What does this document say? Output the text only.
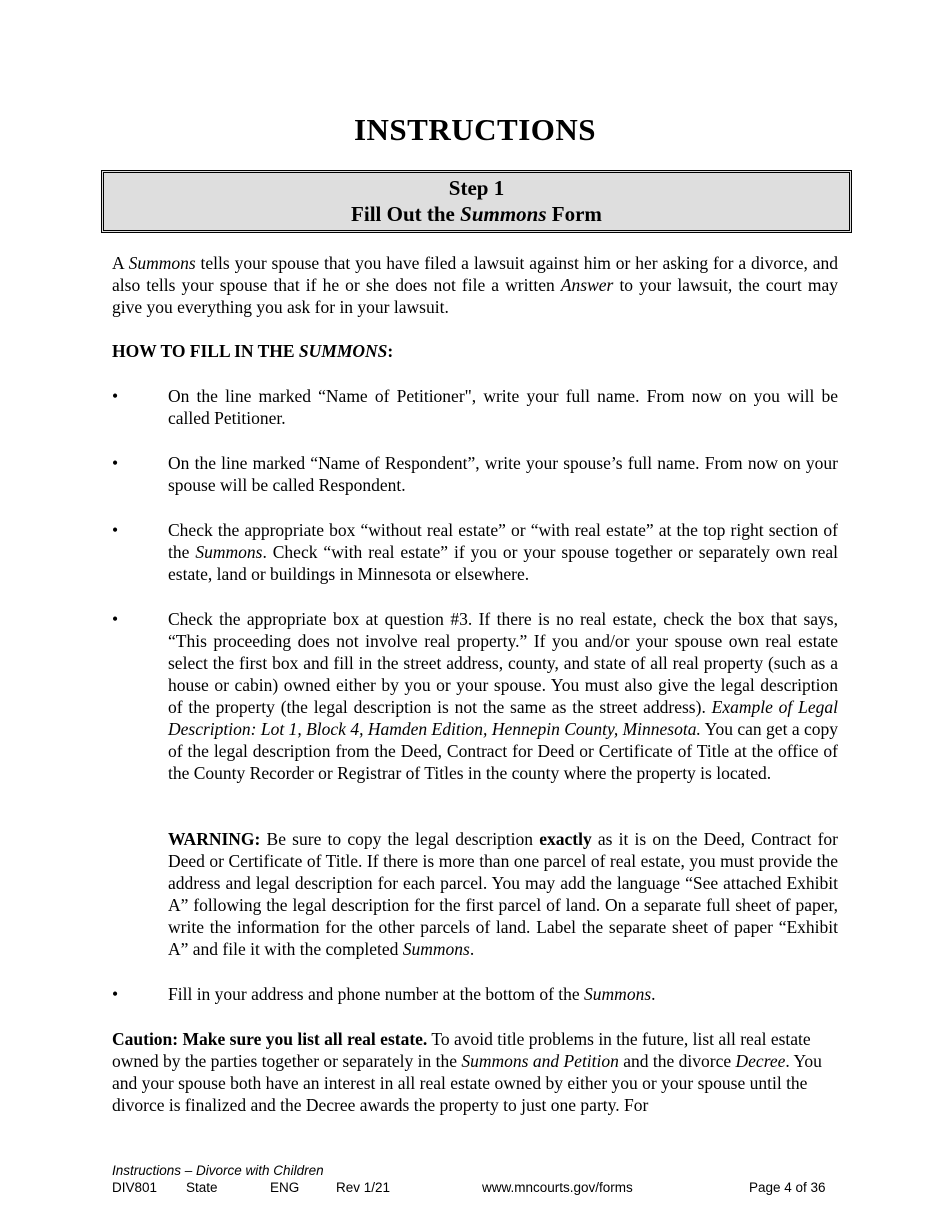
INSTRUCTIONS
Step 1
Fill Out the Summons Form
A Summons tells your spouse that you have filed a lawsuit against him or her asking for a divorce, and also tells your spouse that if he or she does not file a written Answer to your lawsuit, the court may give you everything you ask for in your lawsuit.
HOW TO FILL IN THE SUMMONS:
•	On the line marked “Name of Petitioner", write your full name. From now on you will be called Petitioner.
•	On the line marked “Name of Respondent”, write your spouse’s full name. From now on your spouse will be called Respondent.
•	Check the appropriate box “without real estate” or “with real estate” at the top right section of the Summons. Check “with real estate” if you or your spouse together or separately own real estate, land or buildings in Minnesota or elsewhere.
•	Check the appropriate box at question #3. If there is no real estate, check the box that says, “This proceeding does not involve real property.” If you and/or your spouse own real estate select the first box and fill in the street address, county, and state of all real property (such as a house or cabin) owned either by you or your spouse. You must also give the legal description of the property (the legal description is not the same as the street address). Example of Legal Description: Lot 1, Block 4, Hamden Edition, Hennepin County, Minnesota. You can get a copy of the legal description from the Deed, Contract for Deed or Certificate of Title at the office of the County Recorder or Registrar of Titles in the county where the property is located.
WARNING: Be sure to copy the legal description exactly as it is on the Deed, Contract for Deed or Certificate of Title. If there is more than one parcel of real estate, you must provide the address and legal description for each parcel. You may add the language “See attached Exhibit A” following the legal description for the first parcel of land. On a separate full sheet of paper, write the information for the other parcels of land. Label the separate sheet of paper “Exhibit A” and file it with the completed Summons.
•	Fill in your address and phone number at the bottom of the Summons.
Caution: Make sure you list all real estate. To avoid title problems in the future, list all real estate owned by the parties together or separately in the Summons and Petition and the divorce Decree. You and your spouse both have an interest in all real estate owned by either you or your spouse until the divorce is finalized and the Decree awards the property to just one party. For
Instructions – Divorce with Children
DIV801 State	ENG	Rev 1/21	www.mncourts.gov/forms	Page 4 of 36
